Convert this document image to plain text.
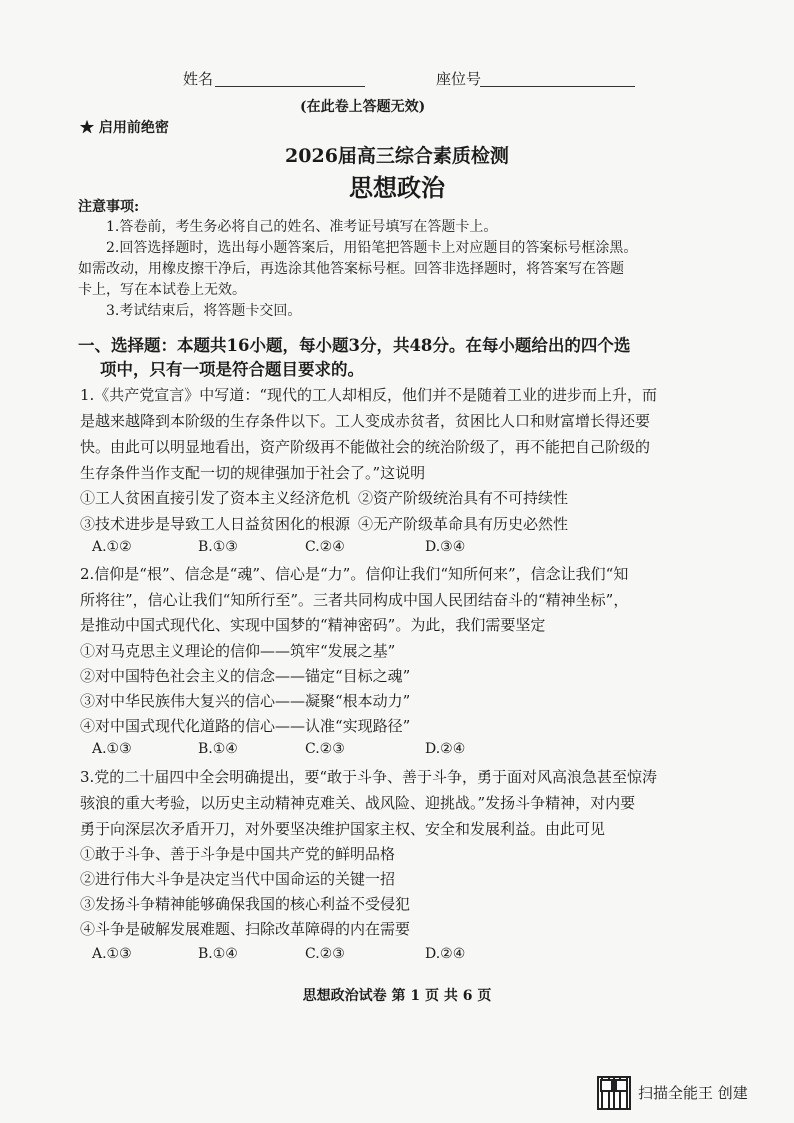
姓名	座位号
(在此卷上答题无效)
★ 启用前绝密
2026届高三综合素质检测
思想政治
注意事项:
1.答卷前，考生务必将自己的姓名、准考证号填写在答题卡上。
2.回答选择题时，选出每小题答案后，用铅笔把答题卡上对应题目的答案标号框涂黑。
如需改动，用橡皮擦干净后，再选涂其他答案标号框。回答非选择题时，将答案写在答题
卡上，写在本试卷上无效。
3.考试结束后，将答题卡交回。
一、选择题：本题共16小题，每小题3分，共48分。在每小题给出的四个选
项中，只有一项是符合题目要求的。
1.《共产党宣言》中写道：“现代的工人却相反，他们并不是随着工业的进步而上升，而
是越来越降到本阶级的生存条件以下。工人变成赤贫者，贫困比人口和财富增长得还要
快。由此可以明显地看出，资产阶级再不能做社会的统治阶级了，再不能把自己阶级的
生存条件当作支配一切的规律强加于社会了。”这说明
①工人贫困直接引发了资本主义经济危机 ②资产阶级统治具有不可持续性
③技术进步是导致工人日益贫困化的根源 ④无产阶级革命具有历史必然性
A.①②	B.①③	C.②④	D.③④
2.信仰是“根”、信念是“魂”、信心是“力”。信仰让我们“知所何来”，信念让我们“知
所将往”，信心让我们“知所行至”。三者共同构成中国人民团结奋斗的“精神坐标”，
是推动中国式现代化、实现中国梦的“精神密码”。为此，我们需要坚定
①对马克思主义理论的信仰——筑牢“发展之基”
②对中国特色社会主义的信念——锚定“目标之魂”
③对中华民族伟大复兴的信心——凝聚“根本动力”
④对中国式现代化道路的信心——认准“实现路径”
A.①③	B.①④	C.②③	D.②④
3.党的二十届四中全会明确提出，要“敢于斗争、善于斗争，勇于面对风高浪急甚至惊涛
骇浪的重大考验，以历史主动精神克难关、战风险、迎挑战。”发扬斗争精神，对内要
勇于向深层次矛盾开刀，对外要坚决维护国家主权、安全和发展利益。由此可见
①敢于斗争、善于斗争是中国共产党的鲜明品格
②进行伟大斗争是决定当代中国命运的关键一招
③发扬斗争精神能够确保我国的核心利益不受侵犯
④斗争是破解发展难题、扫除改革障碍的内在需要
A.①③	B.①④	C.②③	D.②④
思想政治试卷 第 1 页 共 6 页
扫描全能王 创建
